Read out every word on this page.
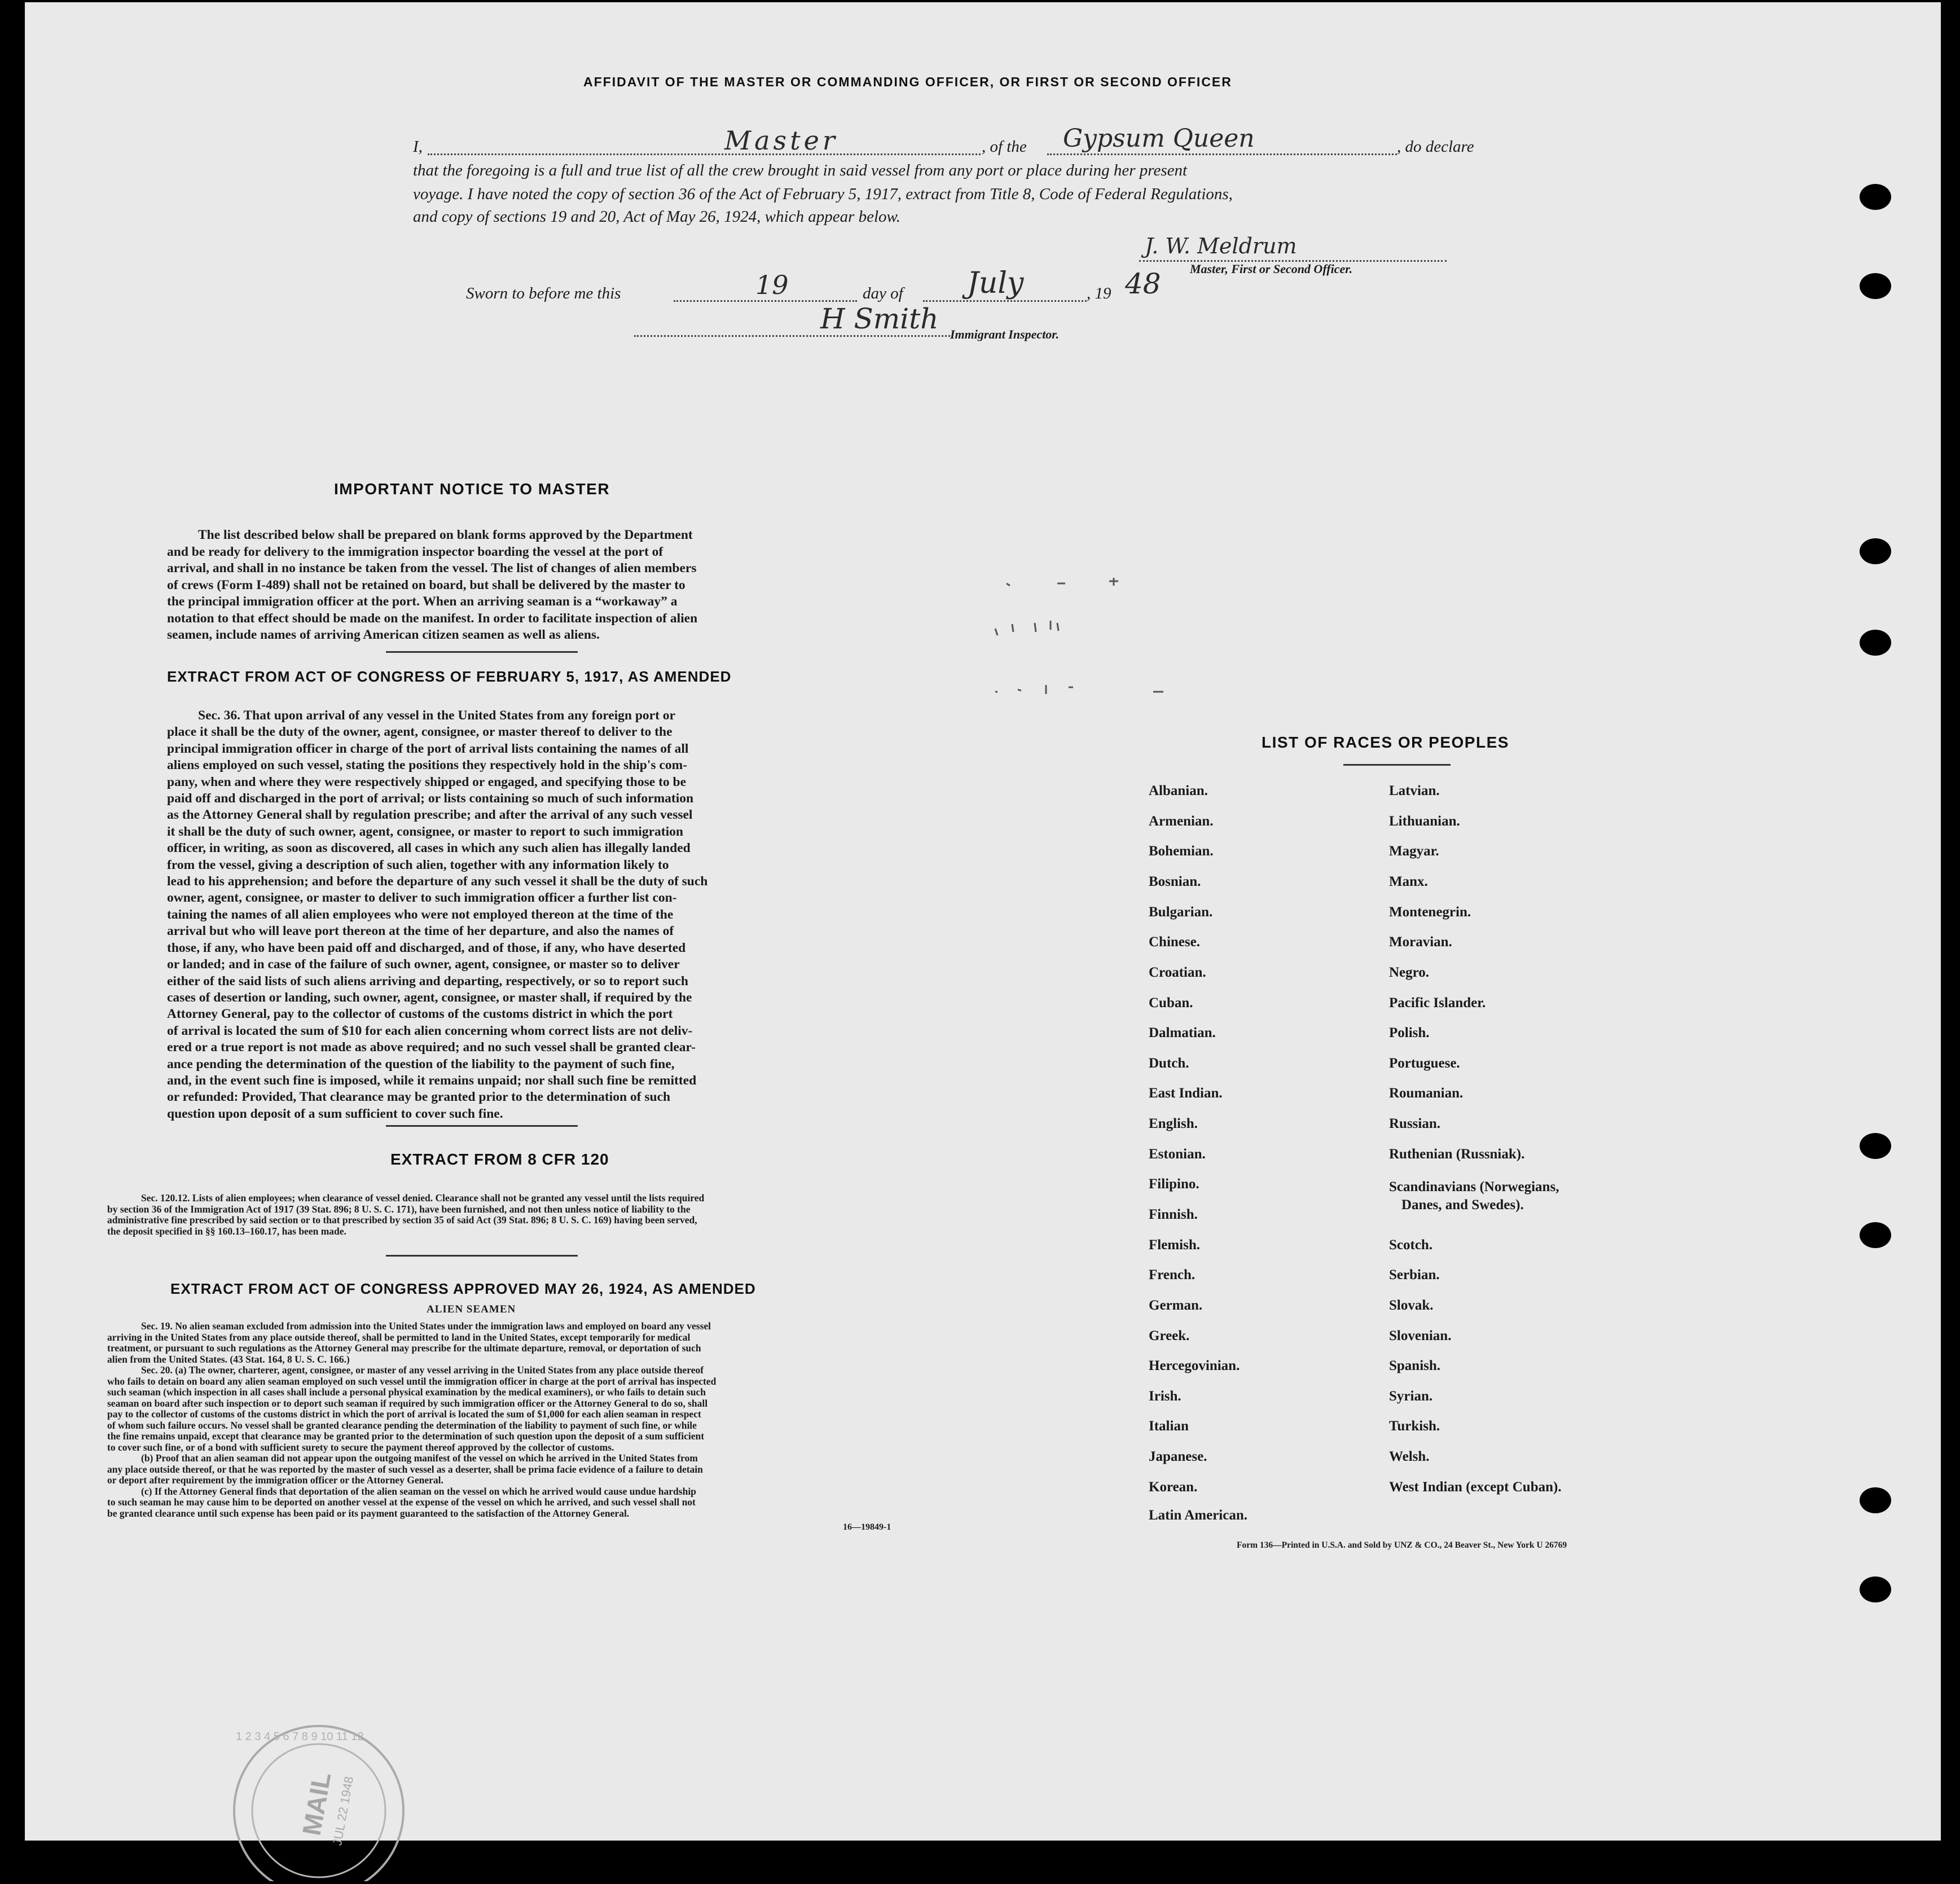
AFFIDAVIT OF THE MASTER OR COMMANDING OFFICER, OR FIRST OR SECOND OFFICER
I,	Master	, of the Gypsum Queen	, do declare
that the foregoing is a full and true list of all the crew brought in said vessel from any port or place during her present
voyage. I have noted the copy of section 36 of the Act of February 5, 1917, extract from Title 8, Code of Federal Regulations,
and copy of sections 19 and 20, Act of May 26, 1924, which appear below.
J. W. Meldrum
Master, First or Second Officer.
Sworn to before me this	19	day of July	, 19 48
H Smith Immigrant Inspector.
IMPORTANT NOTICE TO MASTER
The list described below shall be prepared on blank forms approved by the Department
and be ready for delivery to the immigration inspector boarding the vessel at the port of
arrival, and shall in no instance be taken from the vessel. The list of changes of alien members
of crews (Form I-489) shall not be retained on board, but shall be delivered by the master to
the principal immigration officer at the port. When an arriving seaman is a “workaway” a
notation to that effect should be made on the manifest. In order to facilitate inspection of alien
seamen, include names of arriving American citizen seamen as well as aliens.
EXTRACT FROM ACT OF CONGRESS OF FEBRUARY 5, 1917, AS AMENDED
Sec. 36. That upon arrival of any vessel in the United States from any foreign port or
place it shall be the duty of the owner, agent, consignee, or master thereof to deliver to the
principal immigration officer in charge of the port of arrival lists containing the names of all
aliens employed on such vessel, stating the positions they respectively hold in the ship's com-
pany, when and where they were respectively shipped or engaged, and specifying those to be
paid off and discharged in the port of arrival; or lists containing so much of such information
as the Attorney General shall by regulation prescribe; and after the arrival of any such vessel
it shall be the duty of such owner, agent, consignee, or master to report to such immigration
officer, in writing, as soon as discovered, all cases in which any such alien has illegally landed
from the vessel, giving a description of such alien, together with any information likely to
lead to his apprehension; and before the departure of any such vessel it shall be the duty of such
owner, agent, consignee, or master to deliver to such immigration officer a further list con-
taining the names of all alien employees who were not employed thereon at the time of the
arrival but who will leave port thereon at the time of her departure, and also the names of
those, if any, who have been paid off and discharged, and of those, if any, who have deserted
or landed; and in case of the failure of such owner, agent, consignee, or master so to deliver
either of the said lists of such aliens arriving and departing, respectively, or so to report such
cases of desertion or landing, such owner, agent, consignee, or master shall, if required by the
Attorney General, pay to the collector of customs of the customs district in which the port
of arrival is located the sum of $10 for each alien concerning whom correct lists are not deliv-
ered or a true report is not made as above required; and no such vessel shall be granted clear-
ance pending the determination of the question of the liability to the payment of such fine,
and, in the event such fine is imposed, while it remains unpaid; nor shall such fine be remitted
or refunded: Provided, That clearance may be granted prior to the determination of such
question upon deposit of a sum sufficient to cover such fine.
EXTRACT FROM 8 CFR 120
Sec. 120.12. Lists of alien employees; when clearance of vessel denied. Clearance shall not be granted any vessel until the lists required
by section 36 of the Immigration Act of 1917 (39 Stat. 896; 8 U. S. C. 171), have been furnished, and not then unless notice of liability to the
administrative fine prescribed by said section or to that prescribed by section 35 of said Act (39 Stat. 896; 8 U. S. C. 169) having been served,
the deposit specified in §§ 160.13–160.17, has been made.
EXTRACT FROM ACT OF CONGRESS APPROVED MAY 26, 1924, AS AMENDED
ALIEN SEAMEN
Sec. 19. No alien seaman excluded from admission into the United States under the immigration laws and employed on board any vessel
arriving in the United States from any place outside thereof, shall be permitted to land in the United States, except temporarily for medical
treatment, or pursuant to such regulations as the Attorney General may prescribe for the ultimate departure, removal, or deportation of such
alien from the United States. (43 Stat. 164, 8 U. S. C. 166.)
Sec. 20. (a) The owner, charterer, agent, consignee, or master of any vessel arriving in the United States from any place outside thereof
who fails to detain on board any alien seaman employed on such vessel until the immigration officer in charge at the port of arrival has inspected
such seaman (which inspection in all cases shall include a personal physical examination by the medical examiners), or who fails to detain such
seaman on board after such inspection or to deport such seaman if required by such immigration officer or the Attorney General to do so, shall
pay to the collector of customs of the customs district in which the port of arrival is located the sum of $1,000 for each alien seaman in respect
of whom such failure occurs. No vessel shall be granted clearance pending the determination of the liability to payment of such fine, or while
the fine remains unpaid, except that clearance may be granted prior to the determination of such question upon the deposit of a sum sufficient
to cover such fine, or of a bond with sufficient surety to secure the payment thereof approved by the collector of customs.
(b) Proof that an alien seaman did not appear upon the outgoing manifest of the vessel on which he arrived in the United States from
any place outside thereof, or that he was reported by the master of such vessel as a deserter, shall be prima facie evidence of a failure to detain
or deport after requirement by the immigration officer or the Attorney General.
(c) If the Attorney General finds that deportation of the alien seaman on the vessel on which he arrived would cause undue hardship
to such seaman he may cause him to be deported on another vessel at the expense of the vessel on which he arrived, and such vessel shall not
be granted clearance until such expense has been paid or its payment guaranteed to the satisfaction of the Attorney General.
16—19849-1
LIST OF RACES OR PEOPLES
Albanian.
Armenian.
Bohemian.
Bosnian.
Bulgarian.
Chinese.
Croatian.
Cuban.
Dalmatian.
Dutch.
East Indian.
English.
Estonian.
Filipino.
Finnish.
Flemish.
French.
German.
Greek.
Hercegovinian.
Irish.
Italian
Japanese.
Korean.
Latin American.
Latvian.
Lithuanian.
Magyar.
Manx.
Montenegrin.
Moravian.
Negro.
Pacific Islander.
Polish.
Portuguese.
Roumanian.
Russian.
Ruthenian (Russniak).
Scandinavians (Norwegians,
Danes, and Swedes).
Scotch.
Serbian.
Slovak.
Slovenian.
Spanish.
Syrian.
Turkish.
Welsh.
West Indian (except Cuban).
Form 136—Printed in U.S.A. and Sold by UNZ & CO., 24 Beaver St., New York U 26769
MAIL
JUL 22 1948
1 2 3 4 5 6 7 8 9 10 11 12
